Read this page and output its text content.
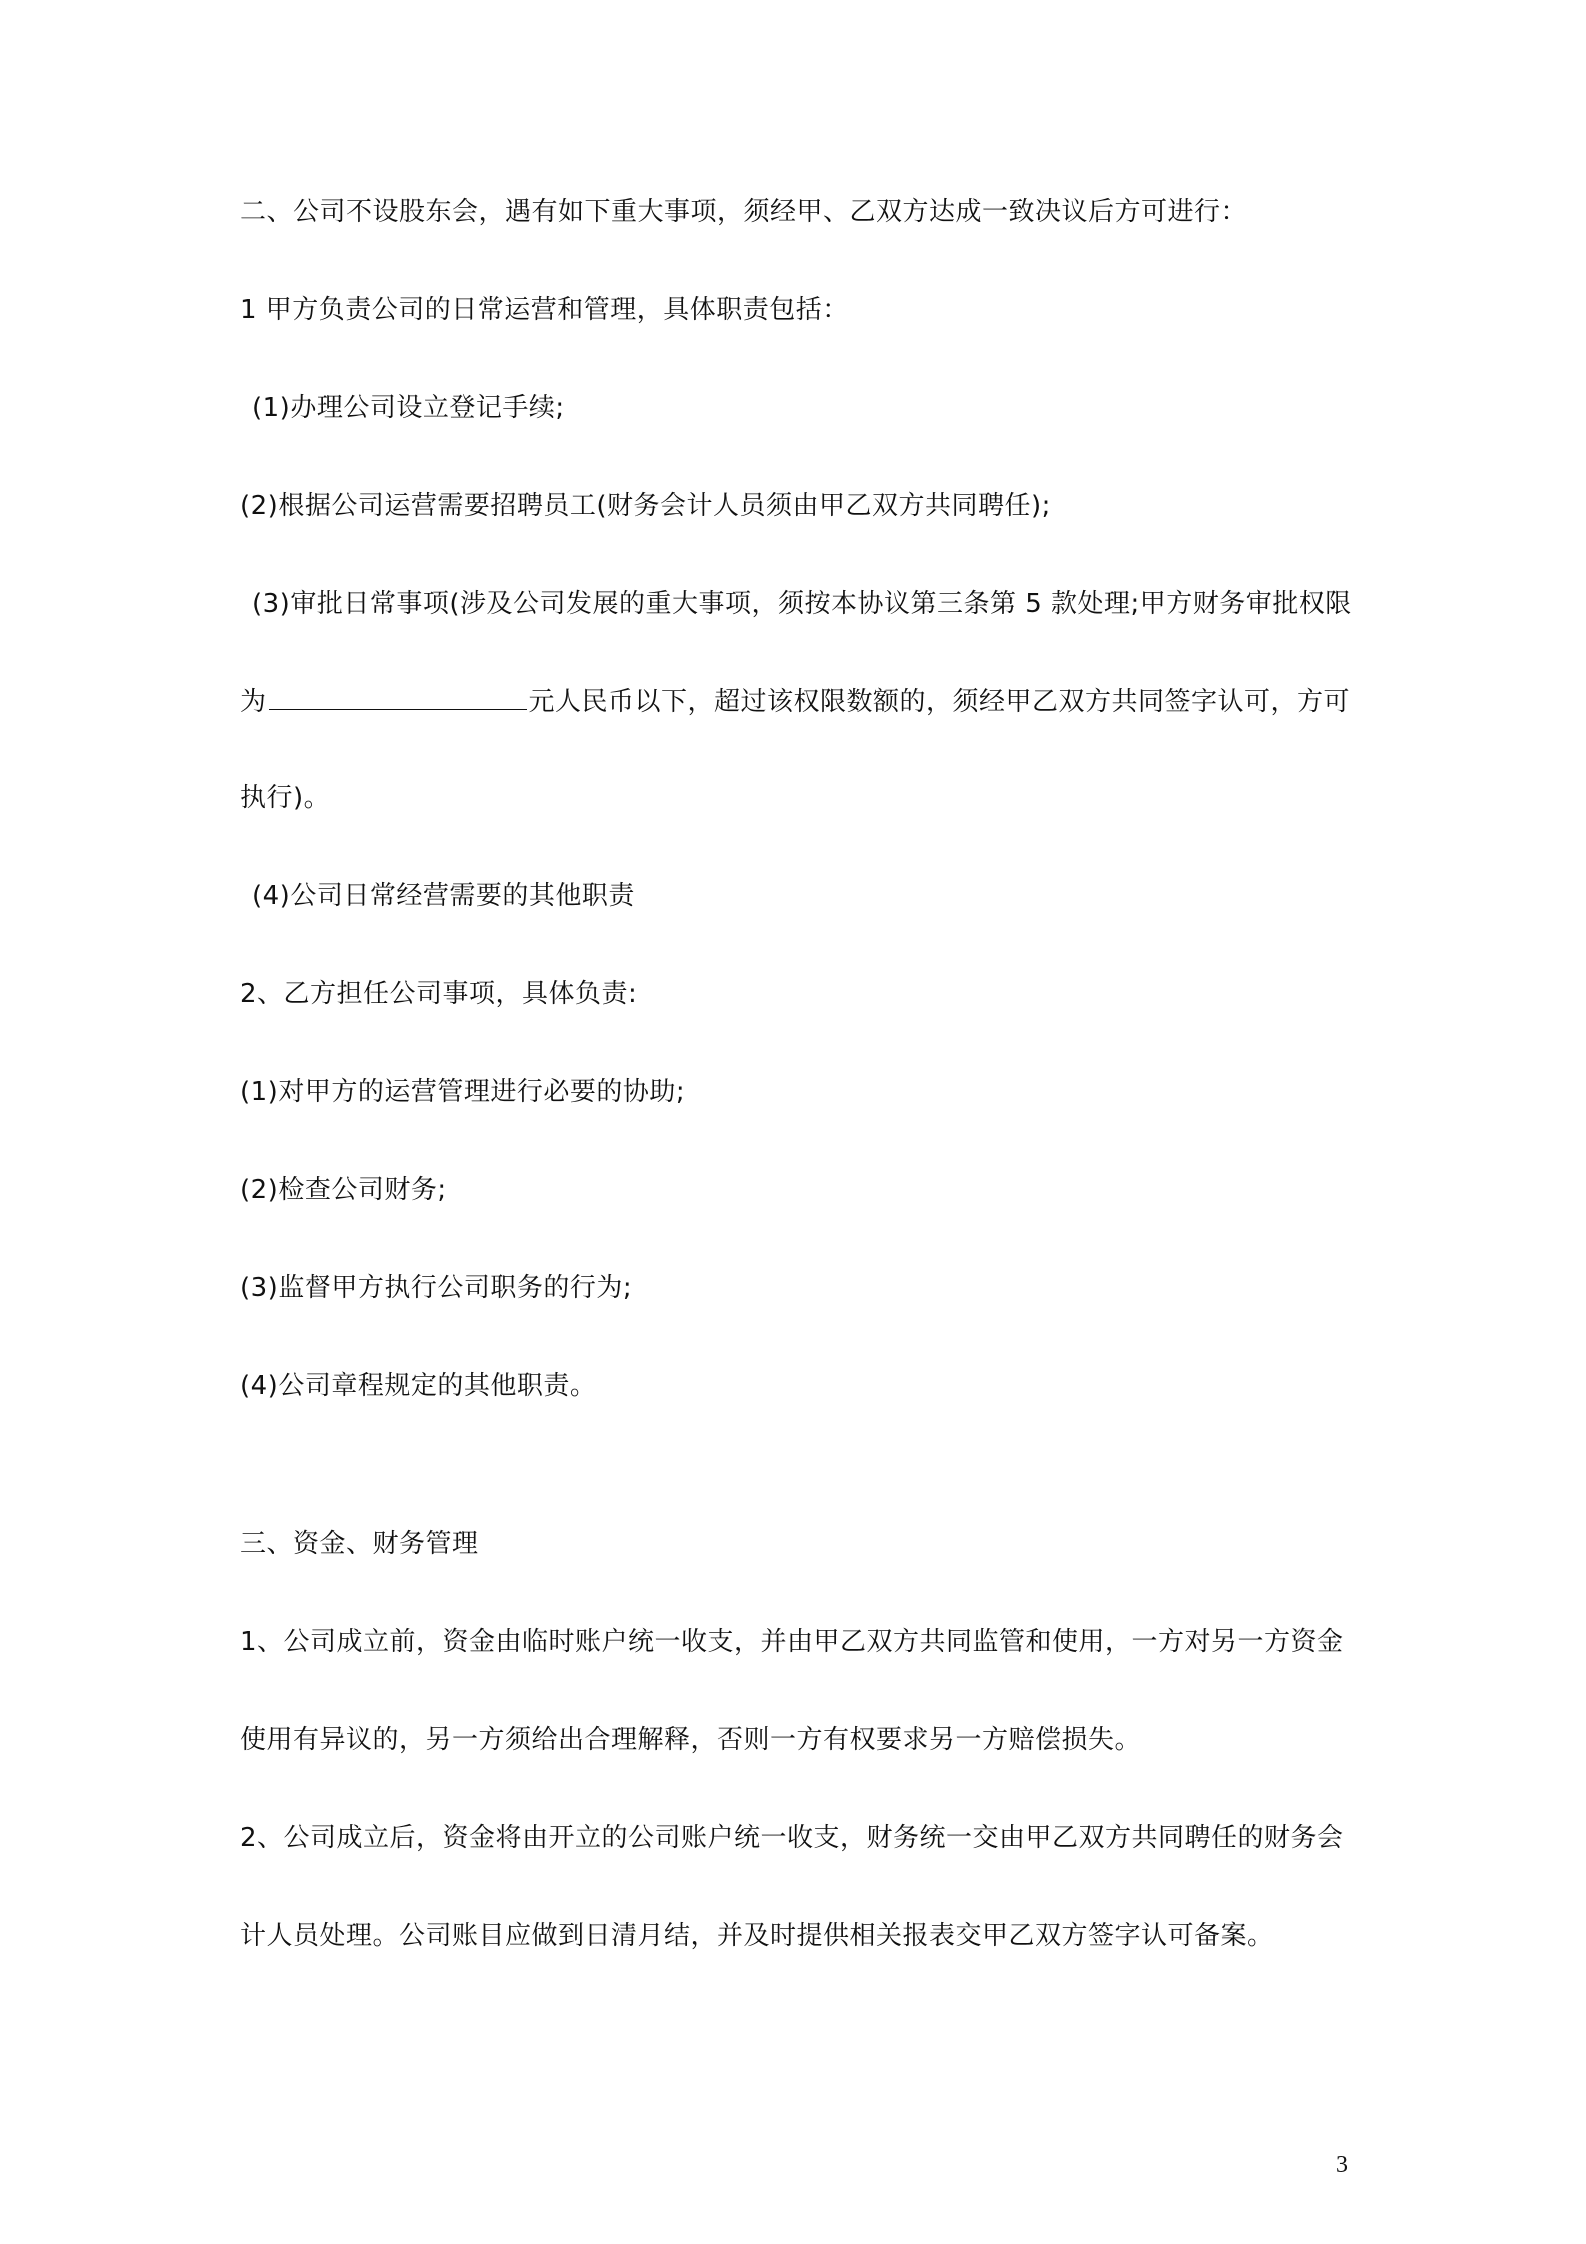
二、公司不设股东会，遇有如下重大事项，须经甲、乙双方达成一致决议后方可进行：
1 甲方负责公司的日常运营和管理，具体职责包括：
(1)办理公司设立登记手续;
(2)根据公司运营需要招聘员工(财务会计人员须由甲乙双方共同聘任);
(3)审批日常事项(涉及公司发展的重大事项，须按本协议第三条第 5 款处理;甲方财务审批权限
为	元人民币以下，超过该权限数额的，须经甲乙双方共同签字认可，方可
执行)。
(4)公司日常经营需要的其他职责
2、乙方担任公司事项，具体负责:
(1)对甲方的运营管理进行必要的协助;
(2)检查公司财务;
(3)监督甲方执行公司职务的行为;
(4)公司章程规定的其他职责。
三、资金、财务管理
1、公司成立前，资金由临时账户统一收支，并由甲乙双方共同监管和使用，一方对另一方资金
使用有异议的，另一方须给出合理解释，否则一方有权要求另一方赔偿损失。
2、公司成立后，资金将由开立的公司账户统一收支，财务统一交由甲乙双方共同聘任的财务会
计人员处理。公司账目应做到日清月结，并及时提供相关报表交甲乙双方签字认可备案。
3
